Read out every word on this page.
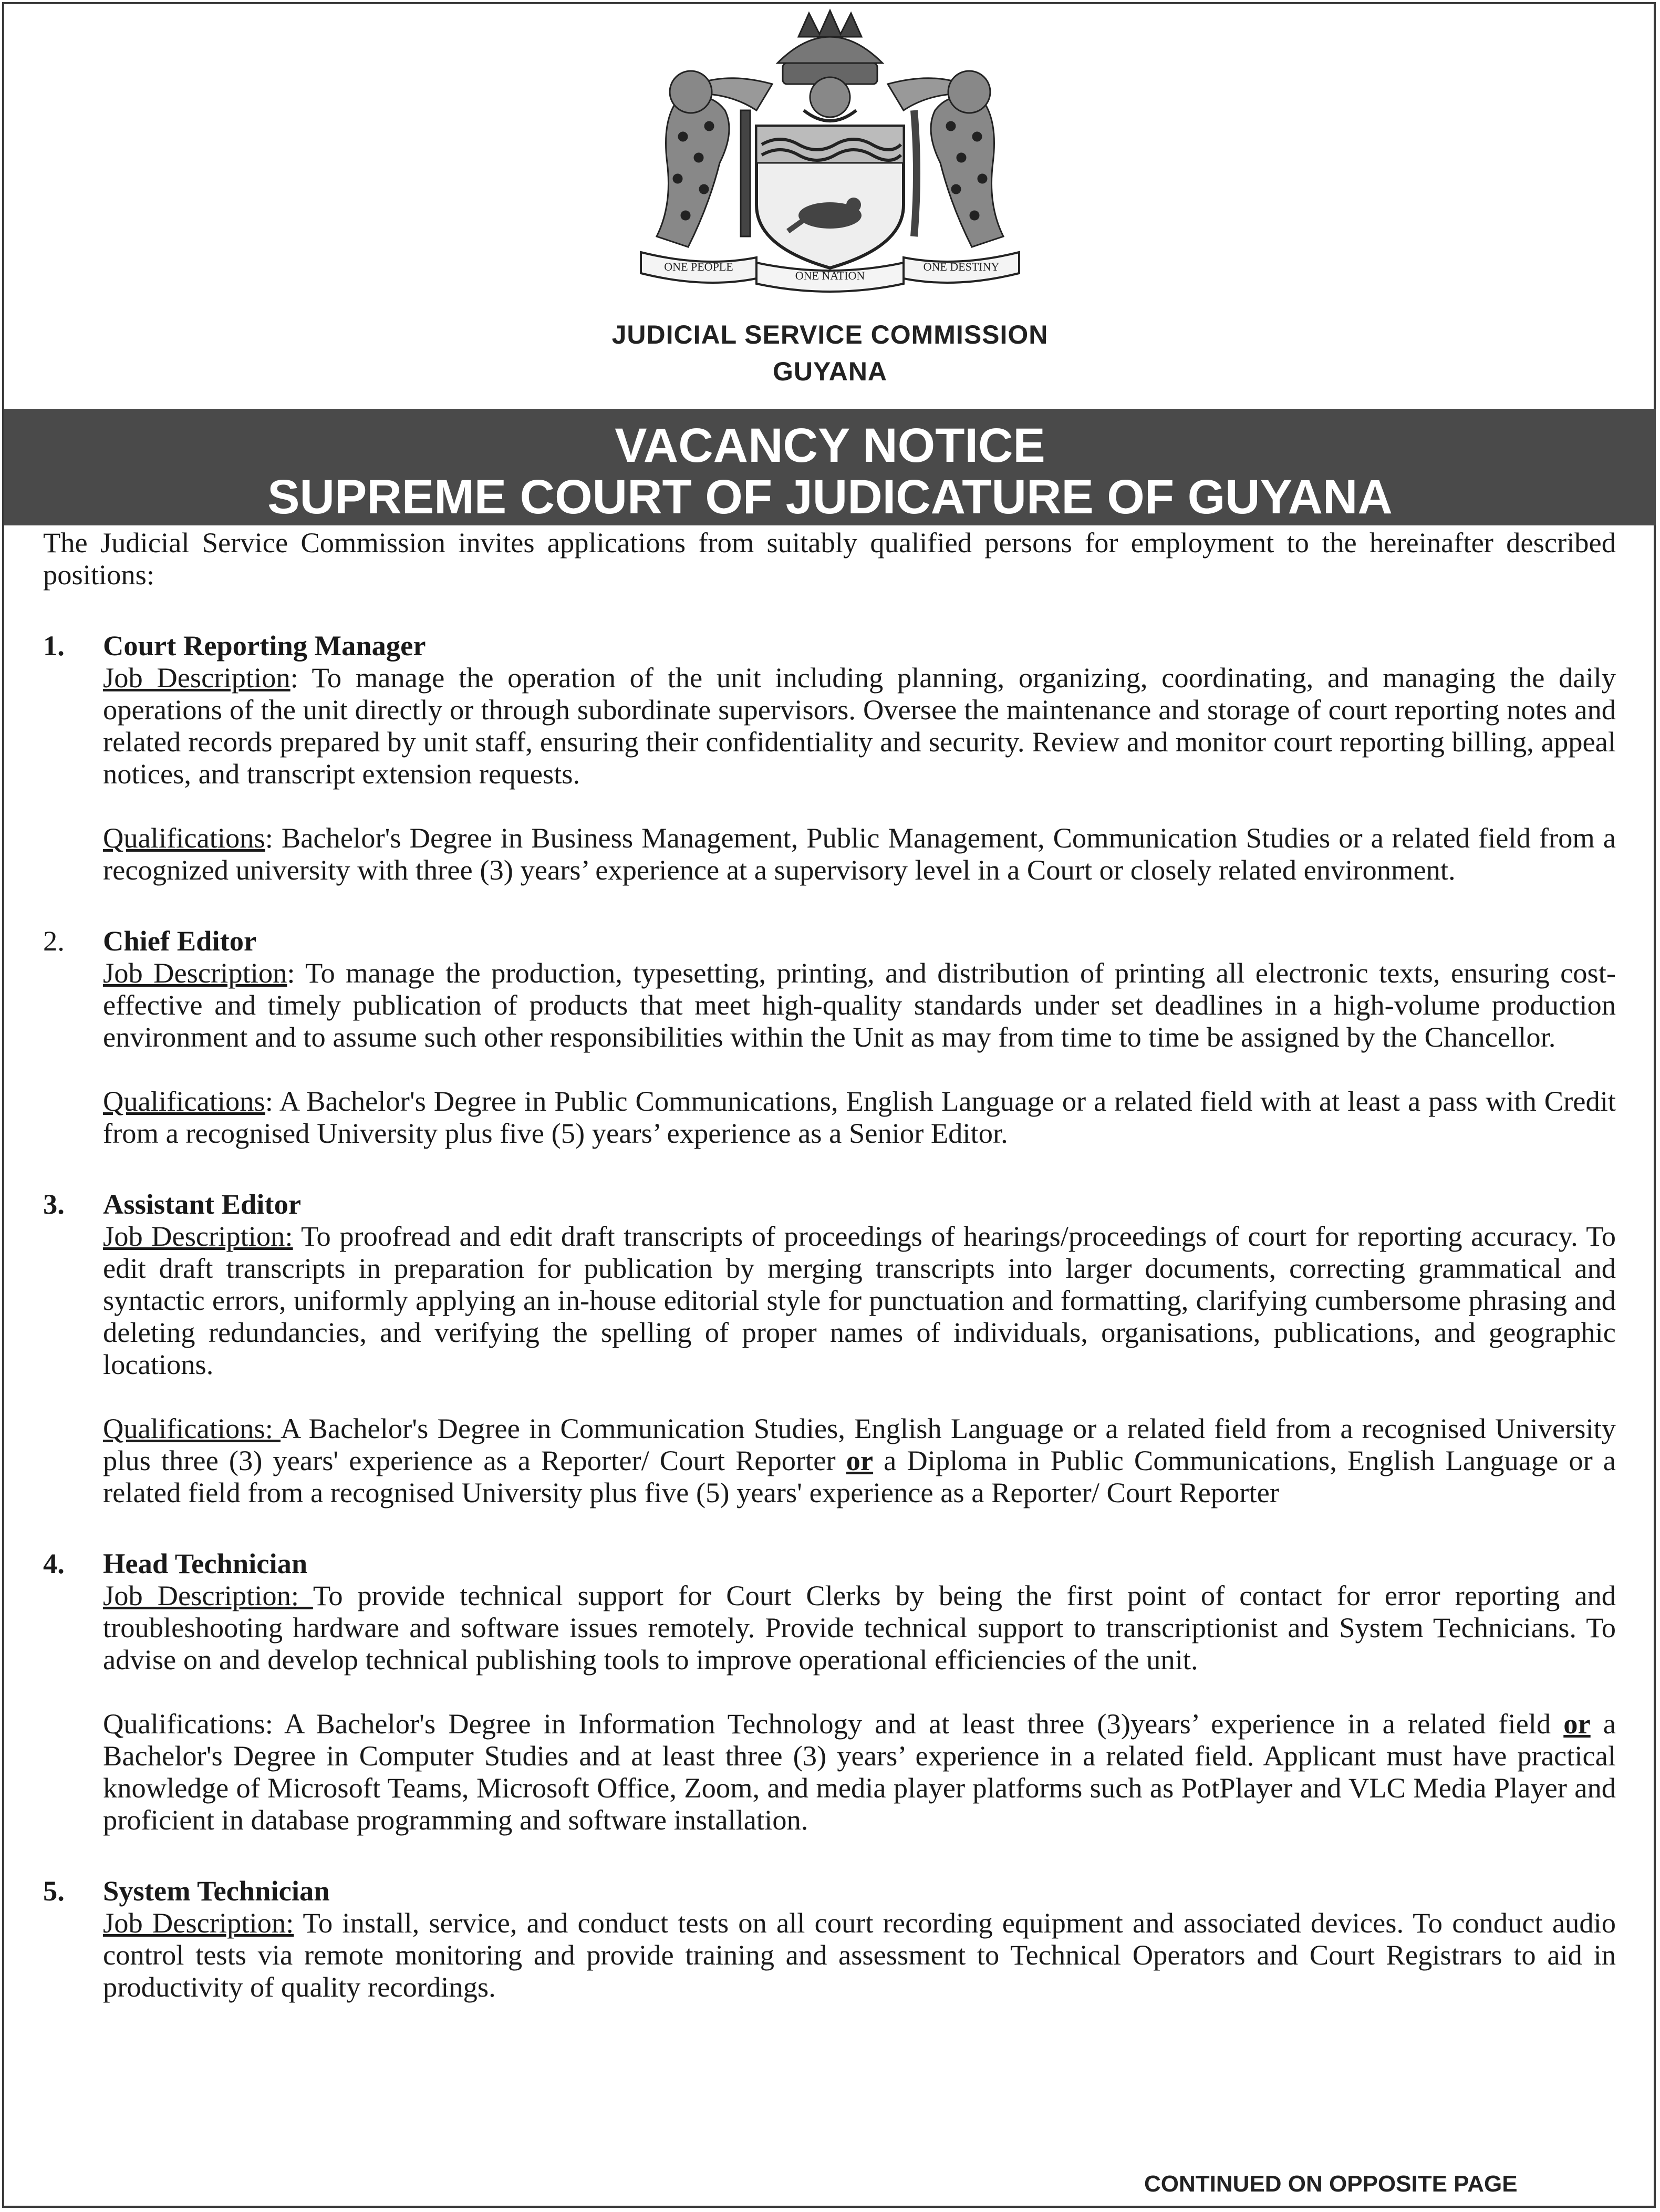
ONE PEOPLE
ONE NATION
ONE DESTINY
JUDICIAL SERVICE COMMISSION
GUYANA
VACANCY NOTICE
SUPREME COURT OF JUDICATURE OF GUYANA

The Judicial Service Commission invites applications from suitably qualified persons for employment to the hereinafter described positions:

1. Court Reporting Manager

Job Description: To manage the operation of the unit including planning, organizing, coordinating, and managing the daily operations of the unit directly or through subordinate supervisors. Oversee the maintenance and storage of court reporting notes and related records prepared by unit staff, ensuring their confidentiality and security. Review and monitor court reporting billing, appeal notices, and transcript extension requests.

Qualifications: Bachelor's Degree in Business Management, Public Management, Communication Studies or a related field from a recognized university with three (3) years’ experience at a supervisory level in a Court or closely related environment.

2. Chief Editor

Job Description: To manage the production, typesetting, printing, and distribution of printing all electronic texts, ensuring cost-effective and timely publication of products that meet high-quality standards under set deadlines in a high-volume production environment and to assume such other responsibilities within the Unit as may from time to time be assigned by the Chancellor.

Qualifications: A Bachelor's Degree in Public Communications, English Language or a related field with at least a pass with Credit from a recognised University plus five (5) years’ experience as a Senior Editor.

3. Assistant Editor

Job Description: To proofread and edit draft transcripts of proceedings of hearings/proceedings of court for reporting accuracy. To edit draft transcripts in preparation for publication by merging transcripts into larger documents, correcting grammatical and syntactic errors, uniformly applying an in-house editorial style for punctuation and formatting, clarifying cumbersome phrasing and deleting redundancies, and verifying the spelling of proper names of individuals, organisations, publications, and geographic locations.

Qualifications: A Bachelor's Degree in Communication Studies, English Language or a related field from a recognised University plus three (3) years' experience as a Reporter/ Court Reporter or a Diploma in Public Communications, English Language or a related field from a recognised University plus five (5) years' experience as a Reporter/ Court Reporter

4. Head Technician

Job Description: To provide technical support for Court Clerks by being the first point of contact for error reporting and troubleshooting hardware and software issues remotely. Provide technical support to transcriptionist and System Technicians. To advise on and develop technical publishing tools to improve operational efficiencies of the unit.

Qualifications: A Bachelor's Degree in Information Technology and at least three (3)years’ experience in a related field or a Bachelor's Degree in Computer Studies and at least three (3) years’ experience in a related field. Applicant must have practical knowledge of Microsoft Teams, Microsoft Office, Zoom, and media player platforms such as PotPlayer and VLC Media Player and proficient in database programming and software installation.

5. System Technician

Job Description: To install, service, and conduct tests on all court recording equipment and associated devices. To conduct audio control tests via remote monitoring and provide training and assessment to Technical Operators and Court Registrars to aid in productivity of quality recordings.

CONTINUED ON OPPOSITE PAGE
